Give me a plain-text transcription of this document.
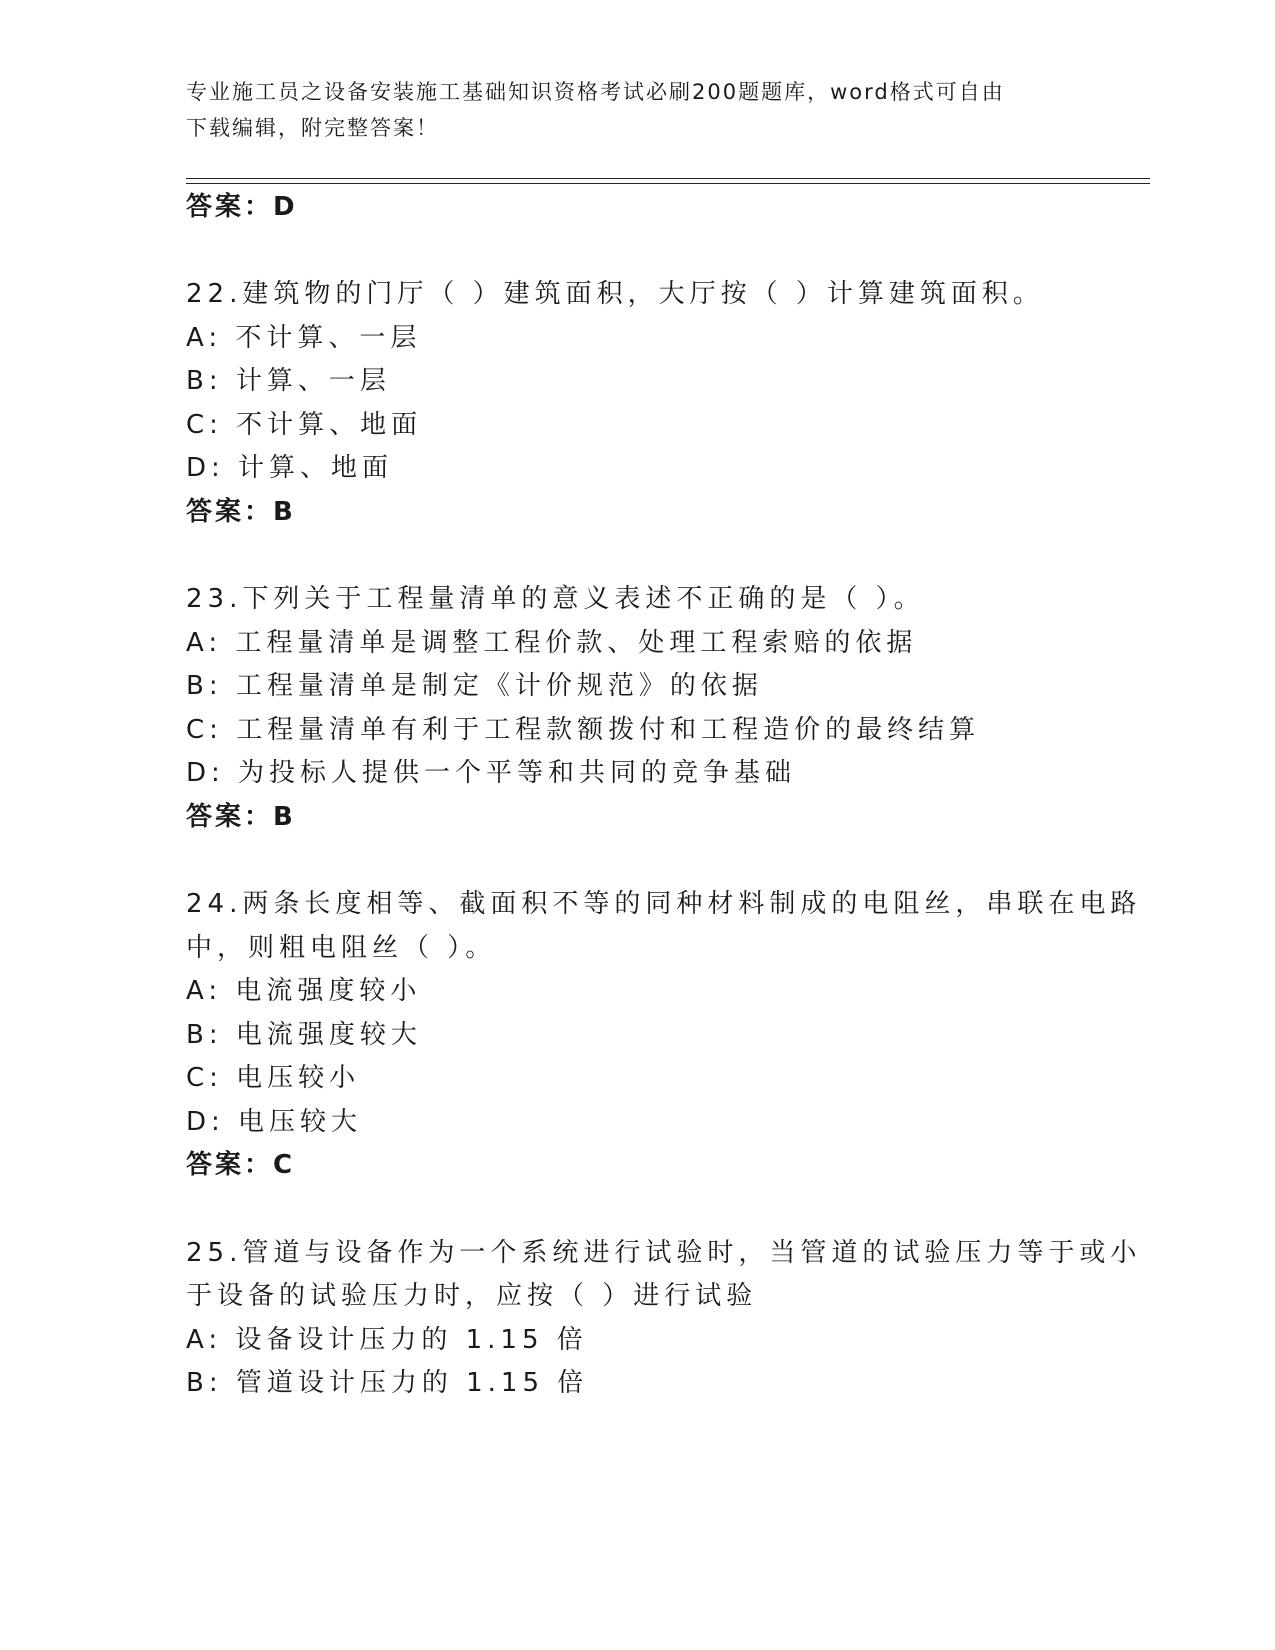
专业施工员之设备安装施工基础知识资格考试必刷200题题库，word格式可自由
下载编辑，附完整答案！
答案：D
22.建筑物的门厅（ ）建筑面积，大厅按（ ）计算建筑面积。
A: 不计算、一层
B: 计算、一层
C: 不计算、地面
D: 计算、地面
答案：B
23.下列关于工程量清单的意义表述不正确的是（ ）。
A: 工程量清单是调整工程价款、处理工程索赔的依据
B: 工程量清单是制定《计价规范》的依据
C: 工程量清单有利于工程款额拨付和工程造价的最终结算
D: 为投标人提供一个平等和共同的竞争基础
答案：B
24.两条长度相等、截面积不等的同种材料制成的电阻丝，串联在电路
中，则粗电阻丝（ ）。
A: 电流强度较小
B: 电流强度较大
C: 电压较小
D: 电压较大
答案：C
25.管道与设备作为一个系统进行试验时，当管道的试验压力等于或小
于设备的试验压力时，应按（ ）进行试验
A: 设备设计压力的 1.15 倍
B: 管道设计压力的 1.15 倍
